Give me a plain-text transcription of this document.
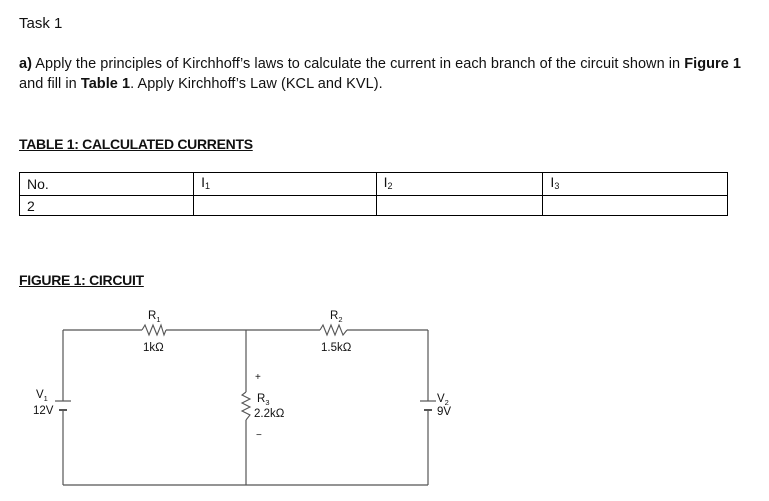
Task 1
a) Apply the principles of Kirchhoff’s laws to calculate the current in each branch of the circuit shown in Figure 1 and fill in Table 1. Apply Kirchhoff’s Law (KCL and KVL).
TABLE 1: CALCULATED CURRENTS
No.	$I_1$	$I_2$	$I_3$
2			
FIGURE 1: CIRCUIT
$R_1$
1kΩ
$R_2$
1.5kΩ
+
$R_3$
2.2kΩ
−
$V_1$
12V
$V_2$
9V
